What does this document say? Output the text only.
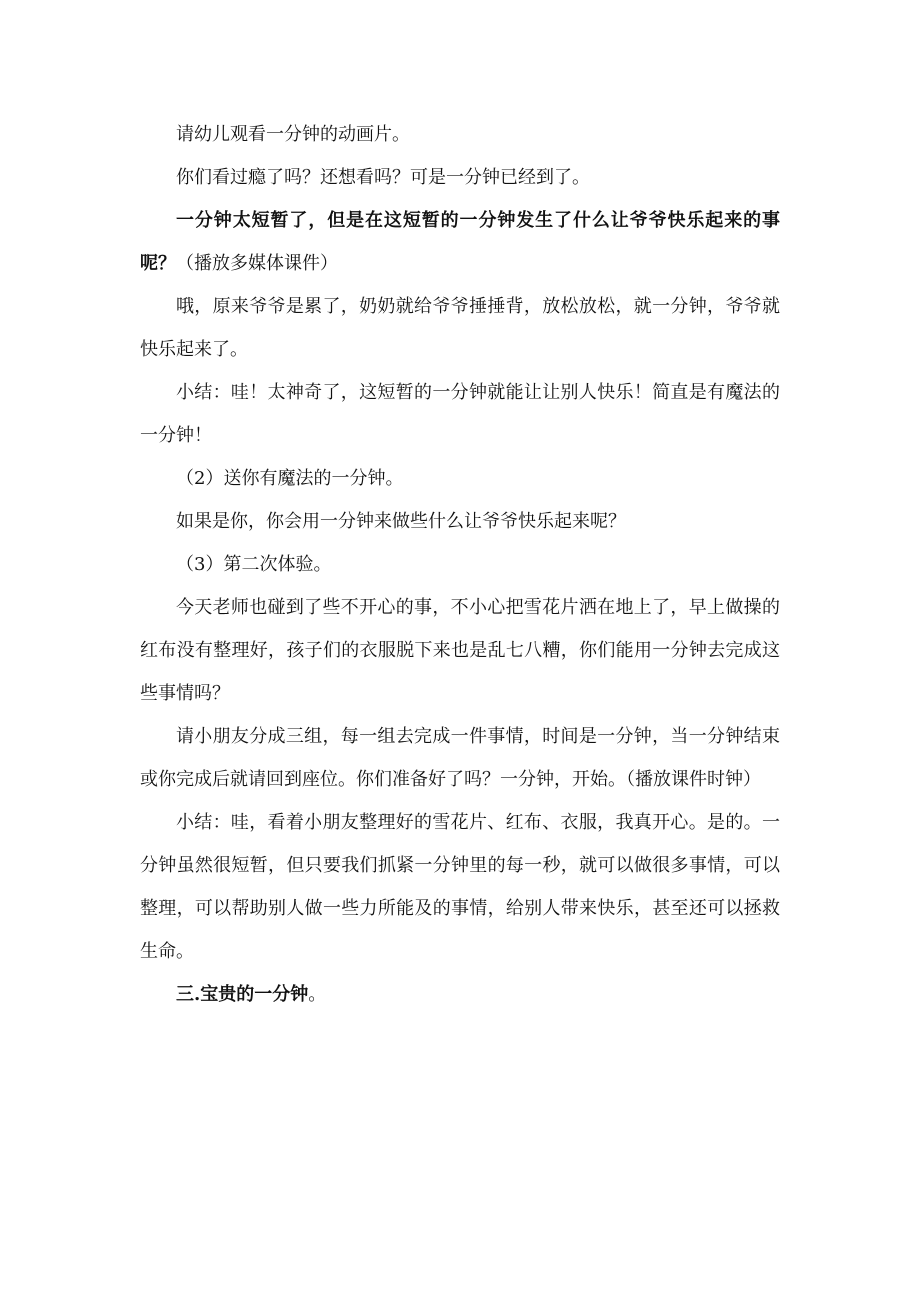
请幼儿观看一分钟的动画片。

你们看过瘾了吗？还想看吗？可是一分钟已经到了。

一分钟太短暂了，但是在这短暂的一分钟发生了什么让爷爷快乐起来的事呢？（播放多媒体课件）

哦，原来爷爷是累了，奶奶就给爷爷捶捶背，放松放松，就一分钟，爷爷就快乐起来了。

小结：哇！太神奇了，这短暂的一分钟就能让让别人快乐！简直是有魔法的一分钟！

（2）送你有魔法的一分钟。

如果是你，你会用一分钟来做些什么让爷爷快乐起来呢？

（3）第二次体验。

今天老师也碰到了些不开心的事，不小心把雪花片洒在地上了，早上做操的红布没有整理好，孩子们的衣服脱下来也是乱七八糟，你们能用一分钟去完成这些事情吗？

请小朋友分成三组，每一组去完成一件事情，时间是一分钟，当一分钟结束或你完成后就请回到座位。你们准备好了吗？一分钟，开始。（播放课件时钟）

小结：哇，看着小朋友整理好的雪花片、红布、衣服，我真开心。是的。一分钟虽然很短暂，但只要我们抓紧一分钟里的每一秒，就可以做很多事情，可以整理，可以帮助别人做一些力所能及的事情，给别人带来快乐，甚至还可以拯救生命。

三.宝贵的一分钟。
